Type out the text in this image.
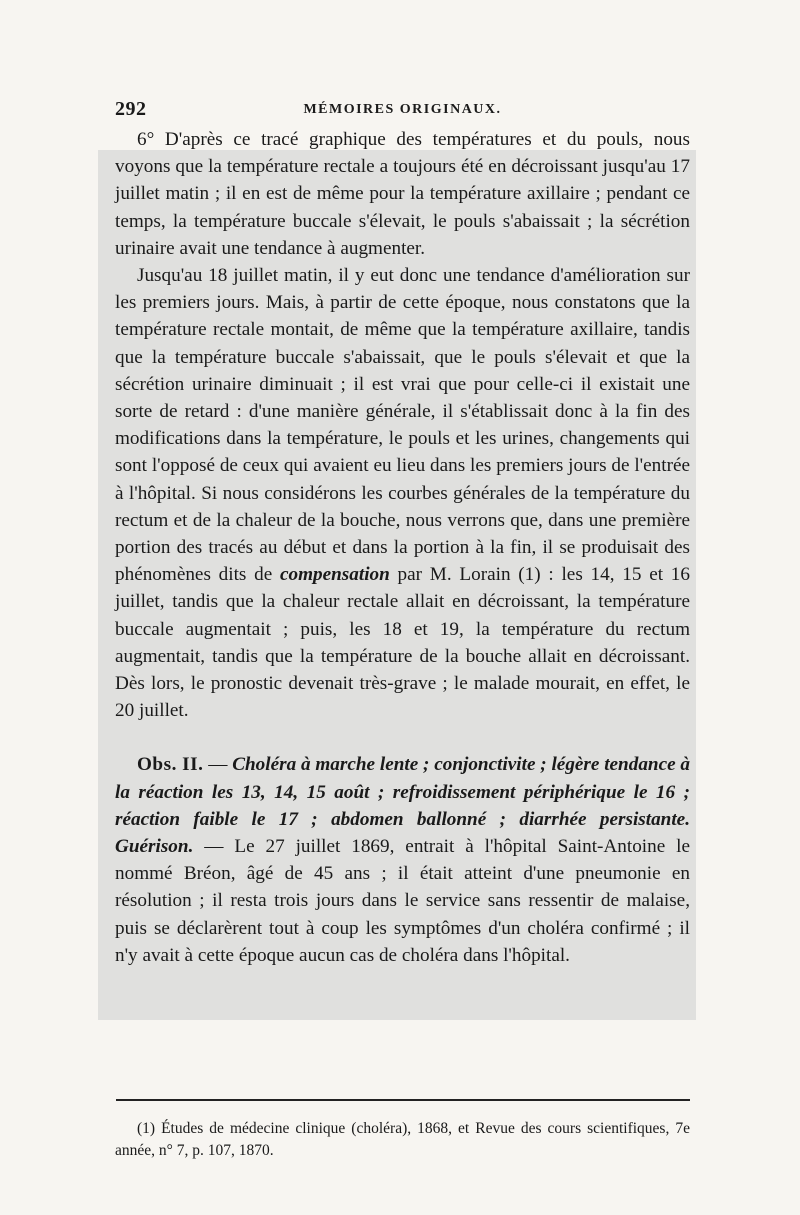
292	MÉMOIRES ORIGINAUX.

6° D'après ce tracé graphique des températures et du pouls, nous voyons que la température rectale a toujours été en décroissant jusqu'au 17 juillet matin ; il en est de même pour la température axillaire ; pendant ce temps, la température buccale s'élevait, le pouls s'abaissait ; la sécrétion urinaire avait une tendance à augmenter.

Jusqu'au 18 juillet matin, il y eut donc une tendance d'amélioration sur les premiers jours. Mais, à partir de cette époque, nous constatons que la température rectale montait, de même que la température axillaire, tandis que la température buccale s'abaissait, que le pouls s'élevait et que la sécrétion urinaire diminuait ; il est vrai que pour celle-ci il existait une sorte de retard : d'une manière générale, il s'établissait donc à la fin des modifications dans la température, le pouls et les urines, changements qui sont l'opposé de ceux qui avaient eu lieu dans les premiers jours de l'entrée à l'hôpital. Si nous considérons les courbes générales de la température du rectum et de la chaleur de la bouche, nous verrons que, dans une première portion des tracés au début et dans la portion à la fin, il se produisait des phénomènes dits de compensation par M. Lorain (1) : les 14, 15 et 16 juillet, tandis que la chaleur rectale allait en décroissant, la température buccale augmentait ; puis, les 18 et 19, la température du rectum augmentait, tandis que la température de la bouche allait en décroissant. Dès lors, le pronostic devenait très-grave ; le malade mourait, en effet, le 20 juillet.

Obs. II. — Choléra à marche lente ; conjonctivite ; légère tendance à la réaction les 13, 14, 15 août ; refroidissement périphérique le 16 ; réaction faible le 17 ; abdomen ballonné ; diarrhée persistante. Guérison. — Le 27 juillet 1869, entrait à l'hôpital Saint-Antoine le nommé Bréon, âgé de 45 ans ; il était atteint d'une pneumonie en résolution ; il resta trois jours dans le service sans ressentir de malaise, puis se déclarèrent tout à coup les symptômes d'un choléra confirmé ; il n'y avait à cette époque aucun cas de choléra dans l'hôpital.

(1) Études de médecine clinique (choléra), 1868, et Revue des cours scientifiques, 7e année, n° 7, p. 107, 1870.
